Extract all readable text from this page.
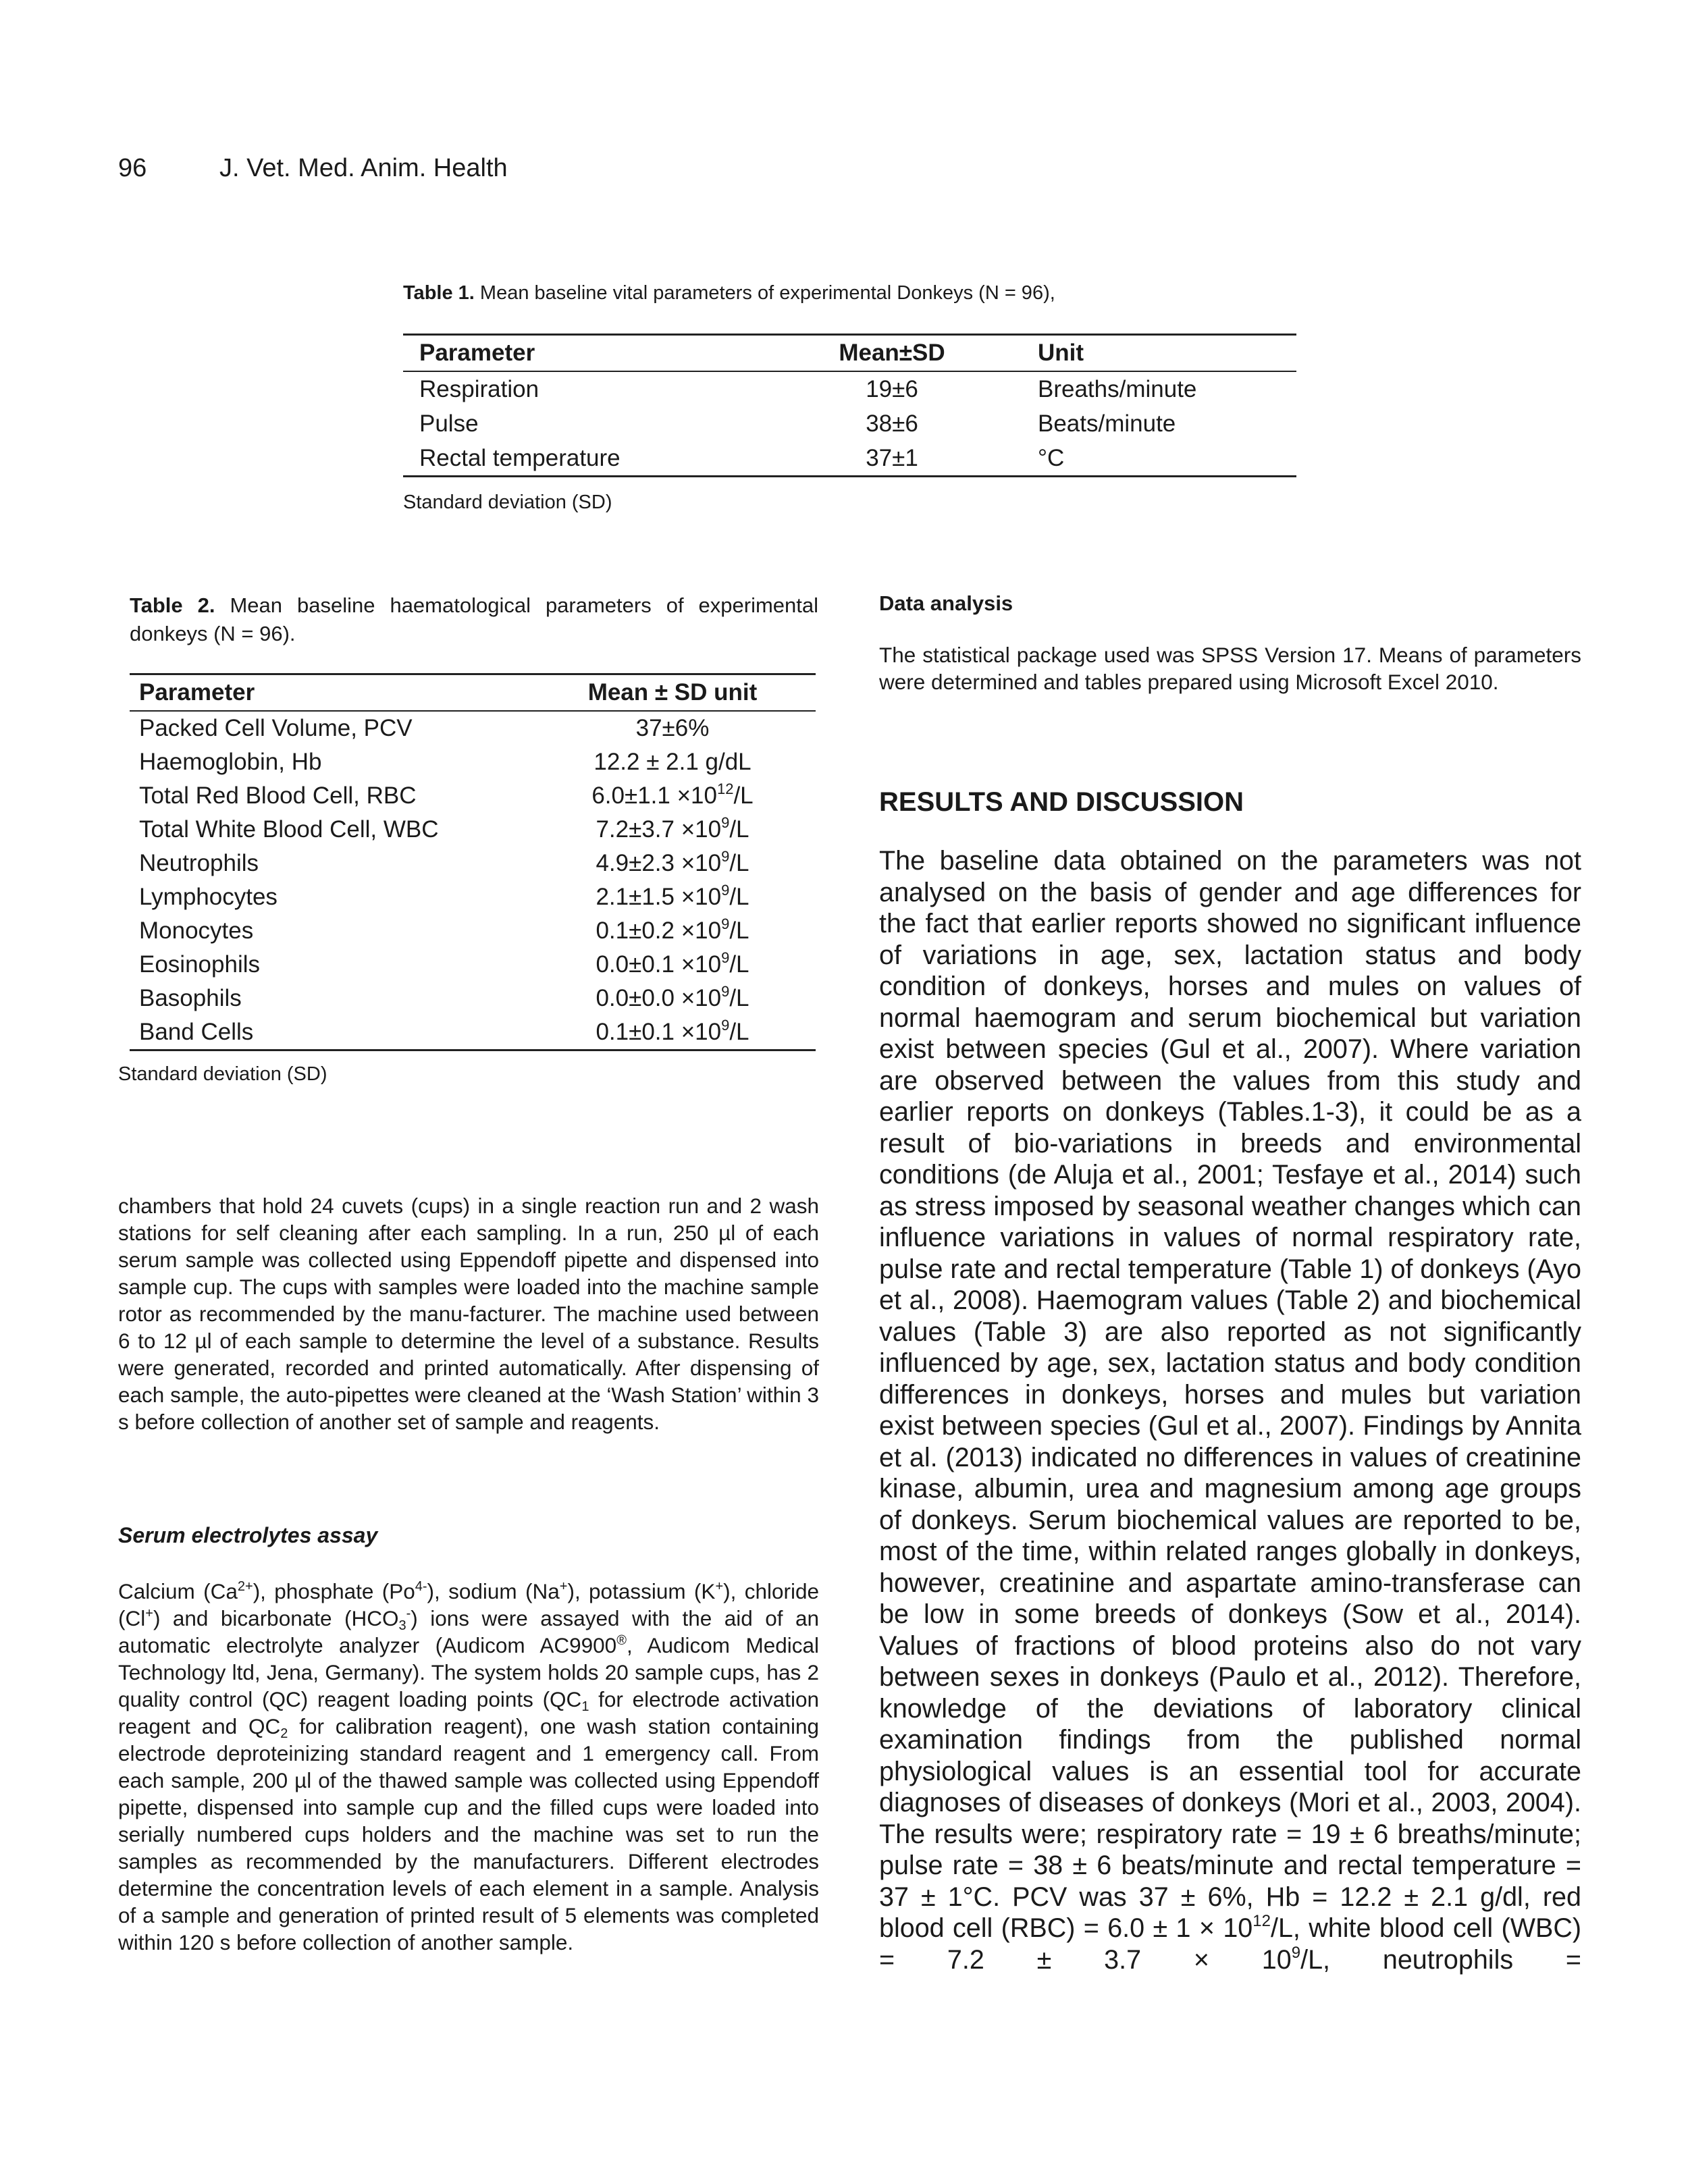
96	J. Vet. Med. Anim. Health
Table 1. Mean baseline vital parameters of experimental Donkeys (N = 96),
Parameter	Mean±SD	Unit
Respiration	19±6	Breaths/minute
Pulse	38±6	Beats/minute
Rectal temperature	37±1	°C
Standard deviation (SD)
Table 2. Mean baseline haematological parameters of experimental donkeys (N = 96).
Parameter	Mean ± SD unit
Packed Cell Volume, PCV	37±6%
Haemoglobin, Hb	12.2 ± 2.1 g/dL
Total Red Blood Cell, RBC	$6.0\pm 1.1 \times 10^{12}/L$
Total White Blood Cell, WBC	$7.2\pm 3.7 \times 10^9/L$
Neutrophils	$4.9\pm 2.3 \times 10^9/L$
Lymphocytes	$2.1\pm 1.5 \times 10^9/L$
Monocytes	$0.1\pm 0.2 \times 10^9/L$
Eosinophils	$0.0\pm 0.1 \times 10^9/L$
Basophils	$0.0\pm 0.0 \times 10^9/L$
Band Cells	$0.1\pm 0.1 \times 10^9/L$
Standard deviation (SD)

chambers that hold 24 cuvets (cups) in a single reaction run and 2 wash stations for self cleaning after each sampling. In a run, 250 µl of each serum sample was collected using Eppendoff pipette and dispensed into sample cup. The cups with samples were loaded into the machine sample rotor as recommended by the manu-facturer. The machine used between 6 to 12 µl of each sample to determine the level of a substance. Results were generated, recorded and printed automatically. After dispensing of each sample, the auto-pipettes were cleaned at the ‘Wash Station’ within 3 s before collection of another set of sample and reagents.

Serum electrolytes assay

Calcium $(Ca^{2+})$, phosphate $(Po^{4-})$, sodium (Na+), potassium (K+), chloride (Cl+) and bicarbonate $(HCO_3^-)$ ions were assayed with the aid of an automatic electrolyte analyzer (Audicom AC9900®, Audicom Medical Technology ltd, Jena, Germany). The system holds 20 sample cups, has 2 quality control (QC) reagent loading points ($QC_1$ for electrode activation reagent and $QC_2$ for calibration reagent), one wash station containing electrode deproteinizing standard reagent and 1 emergency call. From each sample, 200 µl of the thawed sample was collected using Eppendoff pipette, dispensed into sample cup and the filled cups were loaded into serially numbered cups holders and the machine was set to run the samples as recommended by the manufacturers. Different electrodes determine the concentration levels of each element in a sample. Analysis of a sample and generation of printed result of 5 elements was completed within 120 s before collection of another sample.

Data analysis

The statistical package used was SPSS Version 17. Means of parameters were determined and tables prepared using Microsoft Excel 2010.

RESULTS AND DISCUSSION

The baseline data obtained on the parameters was not analysed on the basis of gender and age differences for the fact that earlier reports showed no significant influence of variations in age, sex, lactation status and body condition of donkeys, horses and mules on values of normal haemogram and serum biochemical but variation exist between species (Gul et al., 2007). Where variation are observed between the values from this study and earlier reports on donkeys (Tables.1-3), it could be as a result of bio-variations in breeds and environmental conditions (de Aluja et al., 2001; Tesfaye et al., 2014) such as stress imposed by seasonal weather changes which can influence variations in values of normal respiratory rate, pulse rate and rectal temperature (Table 1) of donkeys (Ayo et al., 2008). Haemogram values (Table 2) and biochemical values (Table 3) are also reported as not significantly influenced by age, sex, lactation status and body condition differences in donkeys, horses and mules but variation exist between species (Gul et al., 2007). Findings by Annita et al. (2013) indicated no differences in values of creatinine kinase, albumin, urea and magnesium among age groups of donkeys. Serum biochemical values are reported to be, most of the time, within related ranges globally in donkeys, however, creatinine and aspartate amino-transferase can be low in some breeds of donkeys (Sow et al., 2014). Values of fractions of blood proteins also do not vary between sexes in donkeys (Paulo et al., 2012). Therefore, knowledge of the deviations of laboratory clinical examination findings from the published normal physiological values is an essential tool for accurate diagnoses of diseases of donkeys (Mori et al., 2003, 2004). The results were; respiratory rate = 19 ± 6 breaths/minute; pulse rate = 38 ± 6 beats/minute and rectal temperature = 37 ± 1°C. PCV was 37 ± 6%, Hb = 12.2 ± 2.1 g/dl, red blood cell $(RBC) = 6.0 \pm 1 \times 10^{12}/L$, white blood cell $(WBC) = 7.2 \pm 3.7 \times 10^9/L$, neutrophils =
